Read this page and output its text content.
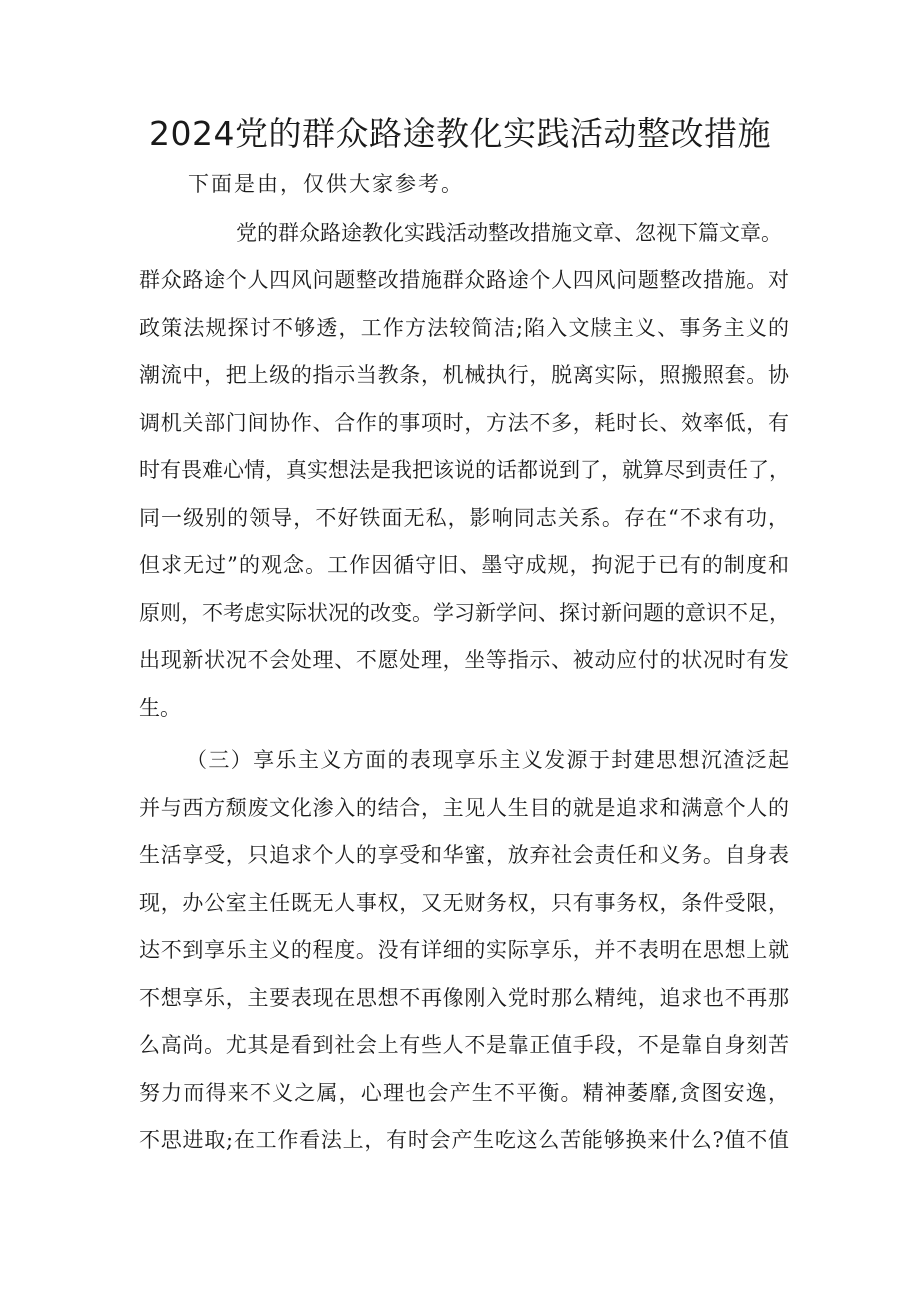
2024党的群众路途教化实践活动整改措施
下面是由，仅供大家参考。
党的群众路途教化实践活动整改措施文章、忽视下篇文章。
群众路途个人四风问题整改措施群众路途个人四风问题整改措施。对
政策法规探讨不够透，工作方法较简洁;陷入文牍主义、事务主义的
潮流中，把上级的指示当教条，机械执行，脱离实际，照搬照套。协
调机关部门间协作、合作的事项时，方法不多，耗时长、效率低，有
时有畏难心情，真实想法是我把该说的话都说到了，就算尽到责任了，
同一级别的领导，不好铁面无私，影响同志关系。存在“不求有功，
但求无过”的观念。工作因循守旧、墨守成规，拘泥于已有的制度和
原则，不考虑实际状况的改变。学习新学问、探讨新问题的意识不足，
出现新状况不会处理、不愿处理，坐等指示、被动应付的状况时有发
生。
（三）享乐主义方面的表现享乐主义发源于封建思想沉渣泛起
并与西方颓废文化渗入的结合，主见人生目的就是追求和满意个人的
生活享受，只追求个人的享受和华蜜，放弃社会责任和义务。自身表
现，办公室主任既无人事权，又无财务权，只有事务权，条件受限，
达不到享乐主义的程度。没有详细的实际享乐，并不表明在思想上就
不想享乐，主要表现在思想不再像刚入党时那么精纯，追求也不再那
么高尚。尤其是看到社会上有些人不是靠正值手段，不是靠自身刻苦
努力而得来不义之属，心理也会产生不平衡。精神萎靡,贪图安逸，
不思进取;在工作看法上，有时会产生吃这么苦能够换来什么?值不值
